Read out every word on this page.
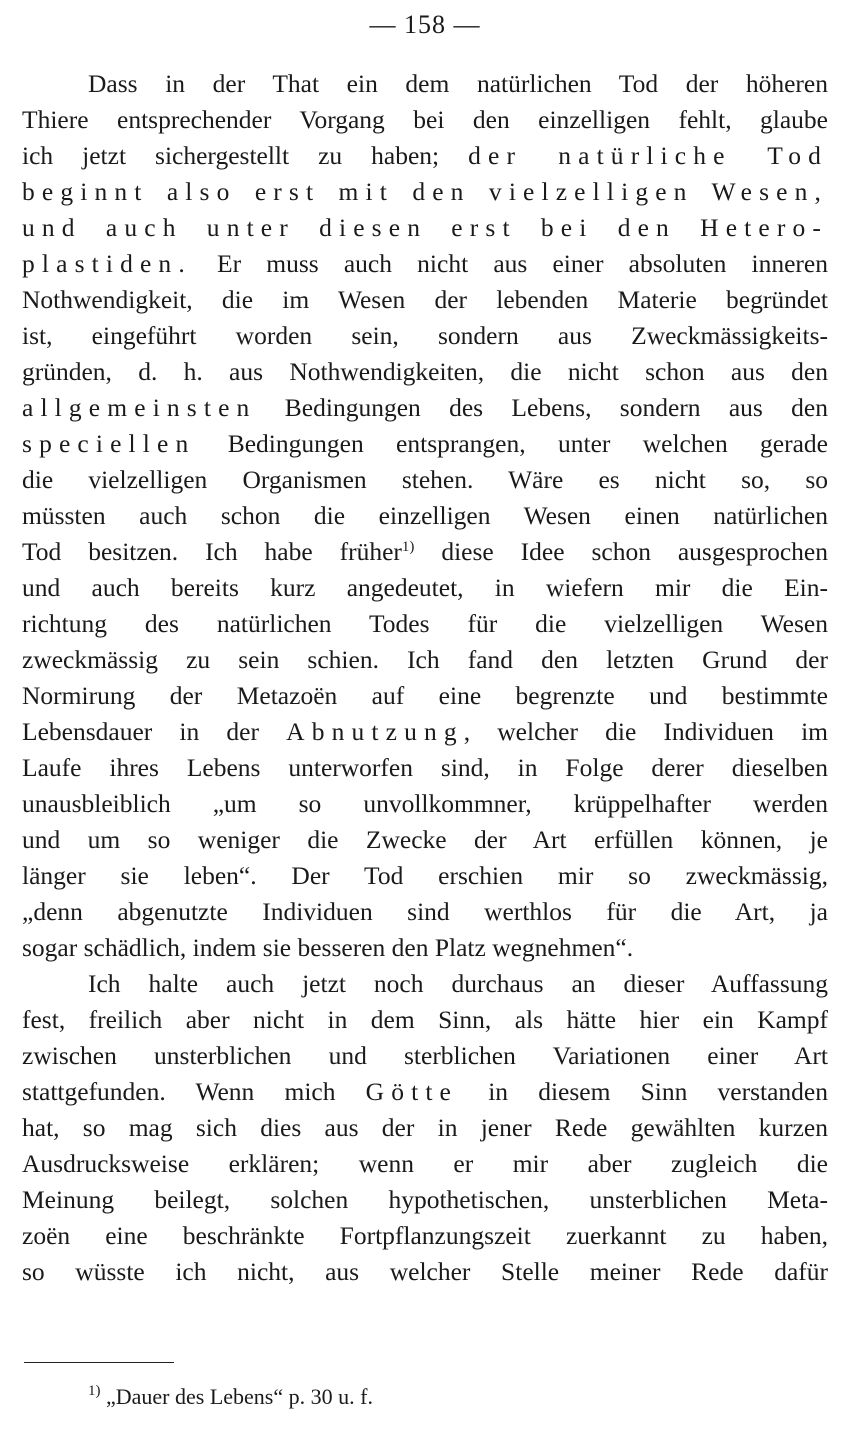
— 158 —
Dass in der That ein dem natürlichen Tod der höheren
Thiere entsprechender Vorgang bei den einzelligen fehlt, glaube
ich jetzt sichergestellt zu haben; der natürliche Tod
beginnt also erst mit den vielzelligen Wesen,
und auch unter diesen erst bei den Hetero-
plastiden. Er muss auch nicht aus einer absoluten inneren
Nothwendigkeit, die im Wesen der lebenden Materie begründet
ist, eingeführt worden sein, sondern aus Zweckmässigkeits-
gründen, d. h. aus Nothwendigkeiten, die nicht schon aus den
allgemeinsten Bedingungen des Lebens, sondern aus den
speciellen Bedingungen entsprangen, unter welchen gerade
die vielzelligen Organismen stehen. Wäre es nicht so, so
müssten auch schon die einzelligen Wesen einen natürlichen
Tod besitzen. Ich habe früher$^{1)}$ diese Idee schon ausgesprochen
und auch bereits kurz angedeutet, in wiefern mir die Ein-
richtung des natürlichen Todes für die vielzelligen Wesen
zweckmässig zu sein schien. Ich fand den letzten Grund der
Normirung der Metazoën auf eine begrenzte und bestimmte
Lebensdauer in der Abnutzung, welcher die Individuen im
Laufe ihres Lebens unterworfen sind, in Folge derer dieselben
unausbleiblich „um so unvollkommner, krüppelhafter werden
und um so weniger die Zwecke der Art erfüllen können, je
länger sie leben“. Der Tod erschien mir so zweckmässig,
„denn abgenutzte Individuen sind werthlos für die Art, ja
sogar schädlich, indem sie besseren den Platz wegnehmen“.
Ich halte auch jetzt noch durchaus an dieser Auffassung
fest, freilich aber nicht in dem Sinn, als hätte hier ein Kampf
zwischen unsterblichen und sterblichen Variationen einer Art
stattgefunden. Wenn mich Götte in diesem Sinn verstanden
hat, so mag sich dies aus der in jener Rede gewählten kurzen
Ausdrucksweise erklären; wenn er mir aber zugleich die
Meinung beilegt, solchen hypothetischen, unsterblichen Meta-
zoën eine beschränkte Fortpflanzungszeit zuerkannt zu haben,
so wüsste ich nicht, aus welcher Stelle meiner Rede dafür
$^{1)}$ „Dauer des Lebens“ p. 30 u. f.
